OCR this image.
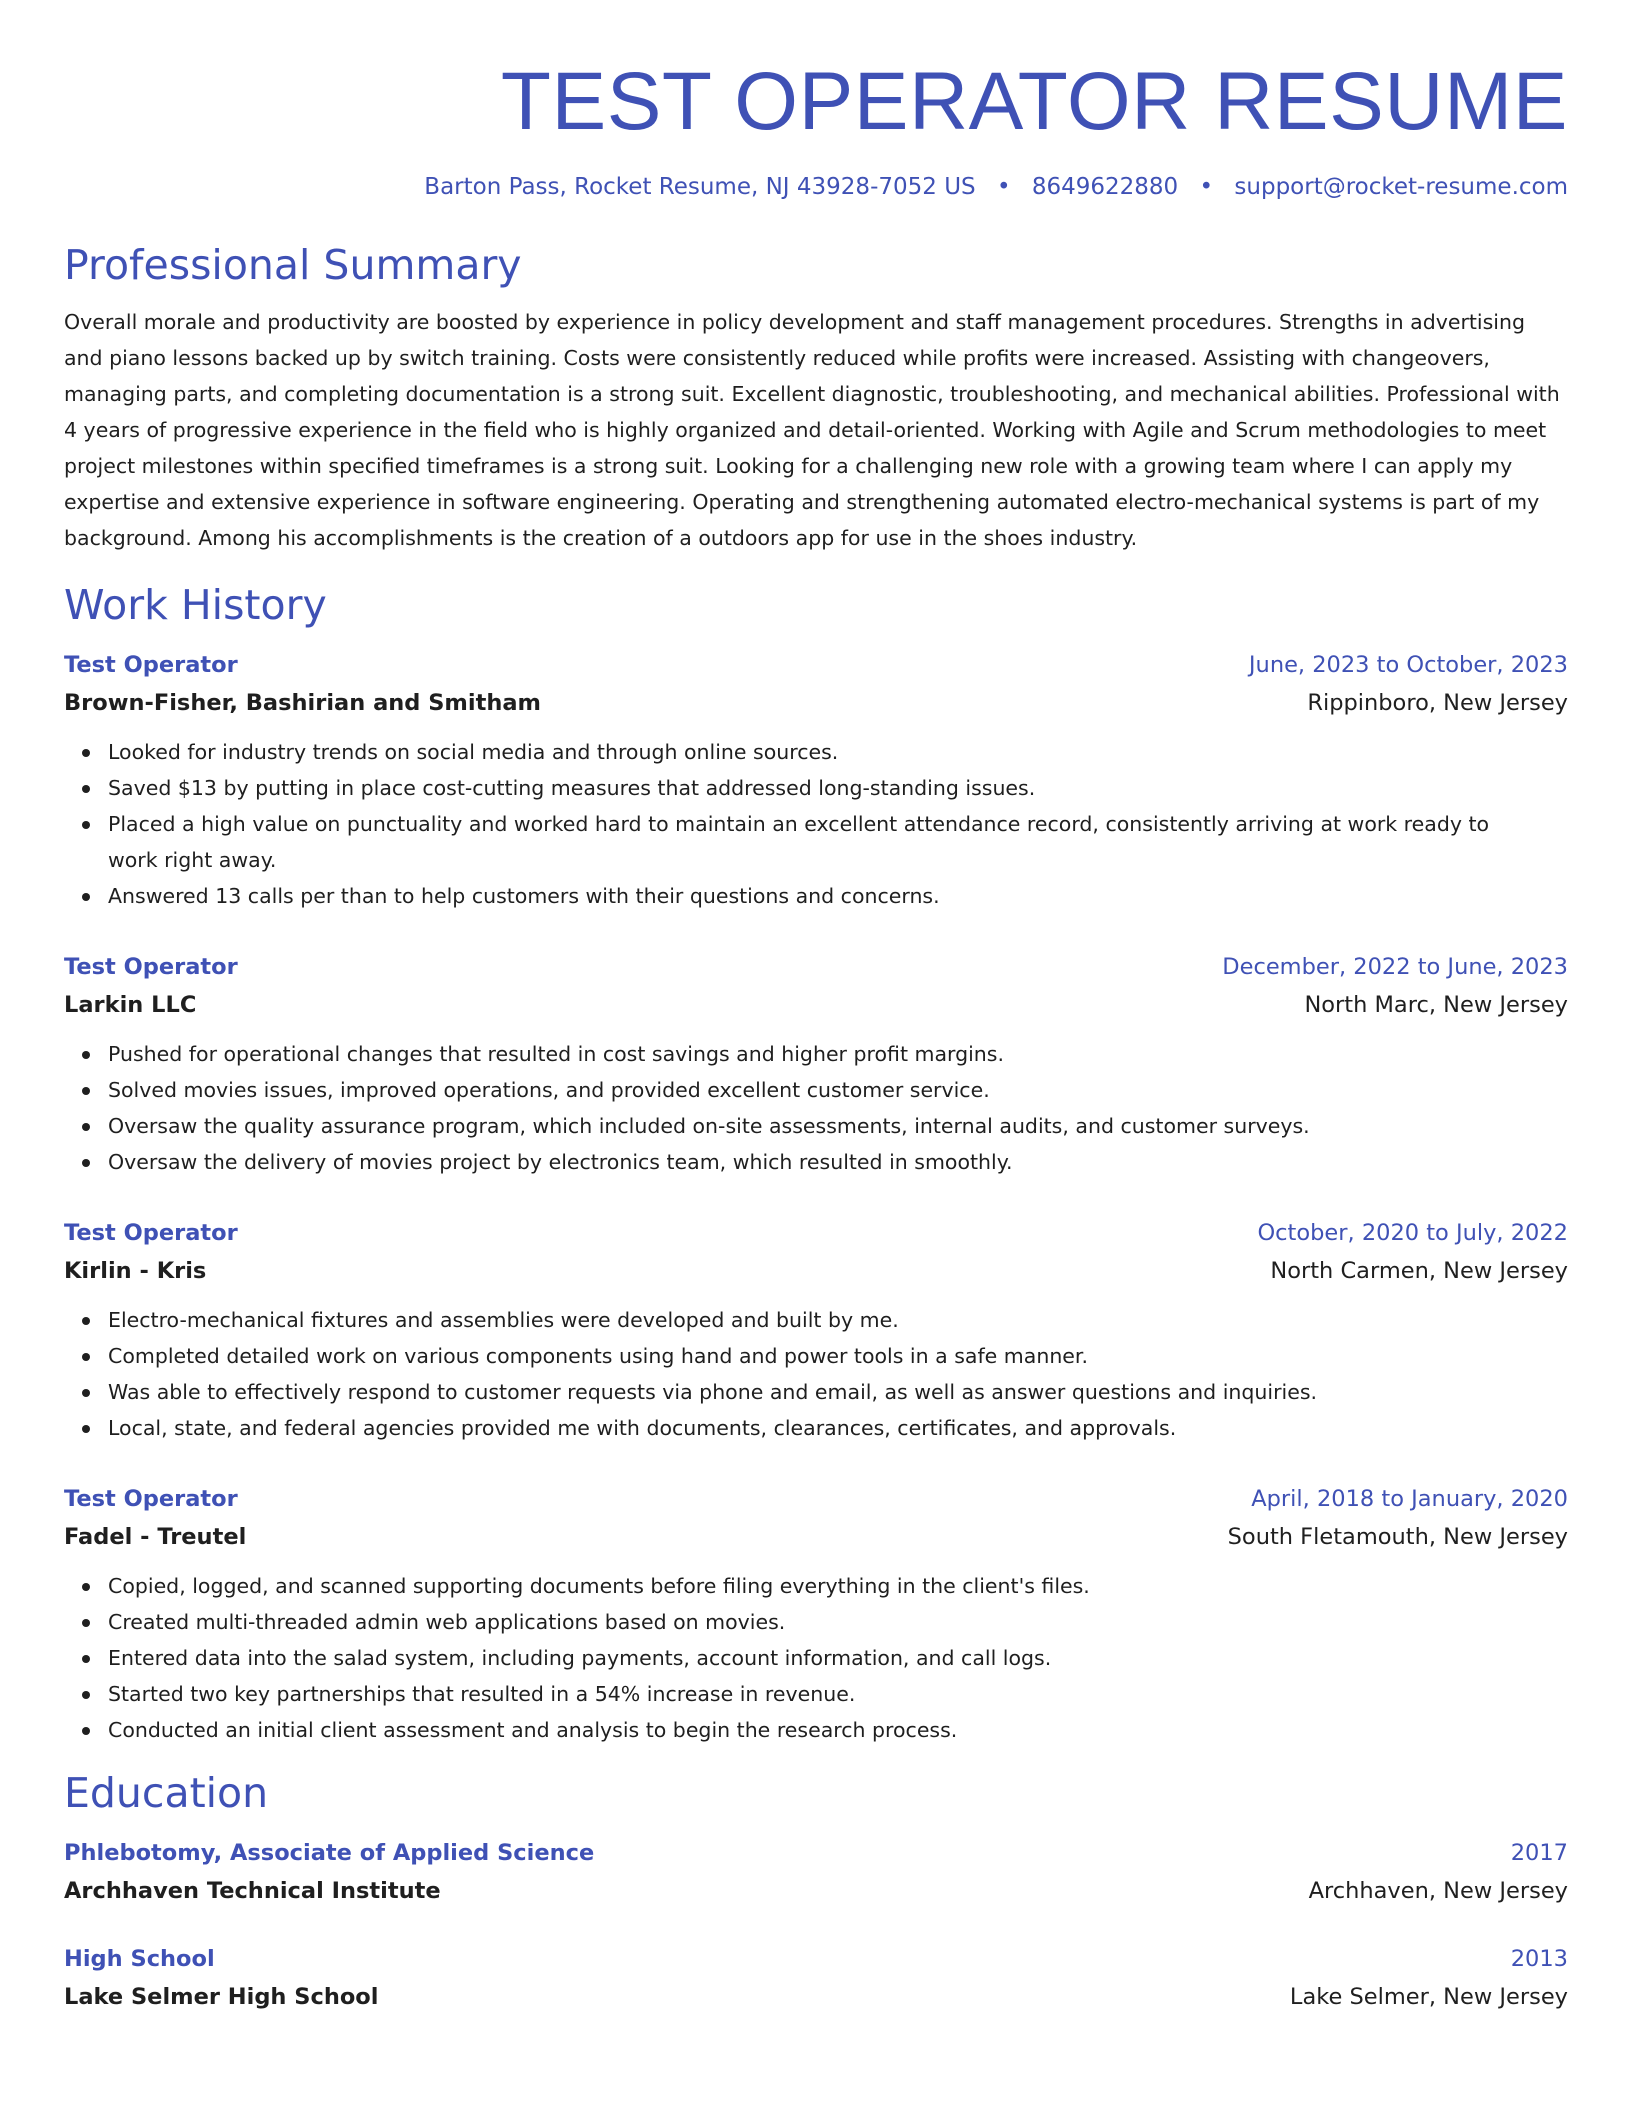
TEST OPERATOR RESUME
Barton Pass, Rocket Resume, NJ 43928-7052 US • 8649622880 • support@rocket-resume.com
Professional Summary
Overall morale and productivity are boosted by experience in policy development and staff management procedures. Strengths in advertising and piano lessons backed up by switch training. Costs were consistently reduced while profits were increased. Assisting with changeovers, managing parts, and completing documentation is a strong suit. Excellent diagnostic, troubleshooting, and mechanical abilities. Professional with 4 years of progressive experience in the field who is highly organized and detail-oriented. Working with Agile and Scrum methodologies to meet project milestones within specified timeframes is a strong suit. Looking for a challenging new role with a growing team where I can apply my expertise and extensive experience in software engineering. Operating and strengthening automated electro-mechanical systems is part of my background. Among his accomplishments is the creation of a outdoors app for use in the shoes industry.
Work History
Test Operator	June, 2023 to October, 2023
Brown-Fisher, Bashirian and Smitham	Rippinboro, New Jersey
Looked for industry trends on social media and through online sources.
Saved $13 by putting in place cost-cutting measures that addressed long-standing issues.
Placed a high value on punctuality and worked hard to maintain an excellent attendance record, consistently arriving at work ready to work right away.
Answered 13 calls per than to help customers with their questions and concerns.
Test Operator	December, 2022 to June, 2023
Larkin LLC	North Marc, New Jersey
Pushed for operational changes that resulted in cost savings and higher profit margins.
Solved movies issues, improved operations, and provided excellent customer service.
Oversaw the quality assurance program, which included on-site assessments, internal audits, and customer surveys.
Oversaw the delivery of movies project by electronics team, which resulted in smoothly.
Test Operator	October, 2020 to July, 2022
Kirlin - Kris	North Carmen, New Jersey
Electro-mechanical fixtures and assemblies were developed and built by me.
Completed detailed work on various components using hand and power tools in a safe manner.
Was able to effectively respond to customer requests via phone and email, as well as answer questions and inquiries.
Local, state, and federal agencies provided me with documents, clearances, certificates, and approvals.
Test Operator	April, 2018 to January, 2020
Fadel - Treutel	South Fletamouth, New Jersey
Copied, logged, and scanned supporting documents before filing everything in the client's files.
Created multi-threaded admin web applications based on movies.
Entered data into the salad system, including payments, account information, and call logs.
Started two key partnerships that resulted in a 54% increase in revenue.
Conducted an initial client assessment and analysis to begin the research process.
Education
Phlebotomy, Associate of Applied Science	2017
Archhaven Technical Institute	Archhaven, New Jersey
High School	2013
Lake Selmer High School	Lake Selmer, New Jersey
